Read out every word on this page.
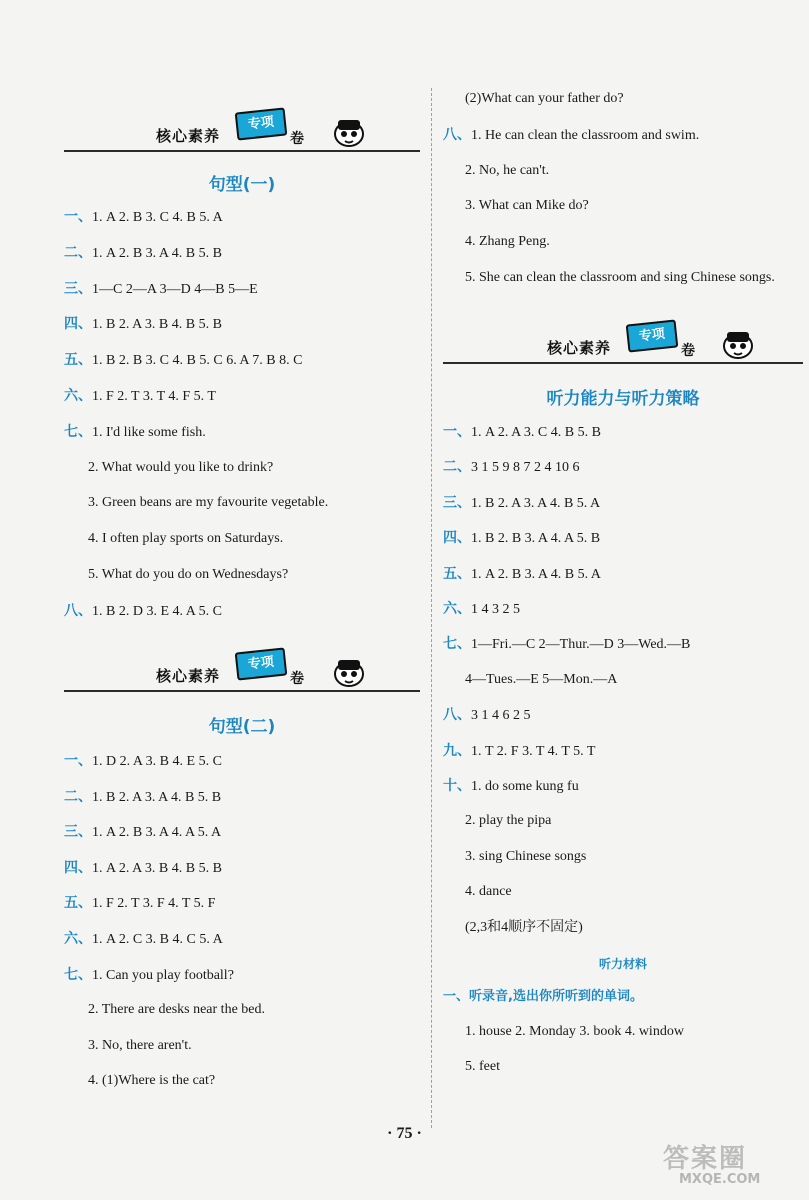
核心素养
专项
卷
句型(一)
一、1. A 2. B 3. C 4. B 5. A
二、1. A 2. B 3. A 4. B 5. B
三、1—C 2—A 3—D 4—B 5—E
四、1. B 2. A 3. B 4. B 5. B
五、1. B 2. B 3. C 4. B 5. C 6. A 7. B 8. C
六、1. F 2. T 3. T 4. F 5. T
七、1. I'd like some fish.
2. What would you like to drink?
3. Green beans are my favourite vegetable.
4. I often play sports on Saturdays.
5. What do you do on Wednesdays?
八、1. B 2. D 3. E 4. A 5. C
核心素养
专项
卷
句型(二)
一、1. D 2. A 3. B 4. E 5. C
二、1. B 2. A 3. A 4. B 5. B
三、1. A 2. B 3. A 4. A 5. A
四、1. A 2. A 3. B 4. B 5. B
五、1. F 2. T 3. F 4. T 5. F
六、1. A 2. C 3. B 4. C 5. A
七、1. Can you play football?
2. There are desks near the bed.
3. No, there aren't.
4. (1)Where is the cat?
(2)What can your father do?
八、1. He can clean the classroom and swim.
2. No, he can't.
3. What can Mike do?
4. Zhang Peng.
5. She can clean the classroom and sing Chinese songs.
核心素养
专项
卷
听力能力与听力策略
一、1. A 2. A 3. C 4. B 5. B
二、3 1 5 9 8 7 2 4 10 6
三、1. B 2. A 3. A 4. B 5. A
四、1. B 2. B 3. A 4. A 5. B
五、1. A 2. B 3. A 4. B 5. A
六、1 4 3 2 5
七、1—Fri.—C 2—Thur.—D 3—Wed.—B
4—Tues.—E 5—Mon.—A
八、3 1 4 6 2 5
九、1. T 2. F 3. T 4. T 5. T
十、1. do some kung fu
2. play the pipa
3. sing Chinese songs
4. dance
(2,3和4顺序不固定)
听力材料
一、听录音,选出你所听到的单词。
1. house 2. Monday 3. book 4. window
5. feet
· 75 ·
答案圈
MXQE.COM
